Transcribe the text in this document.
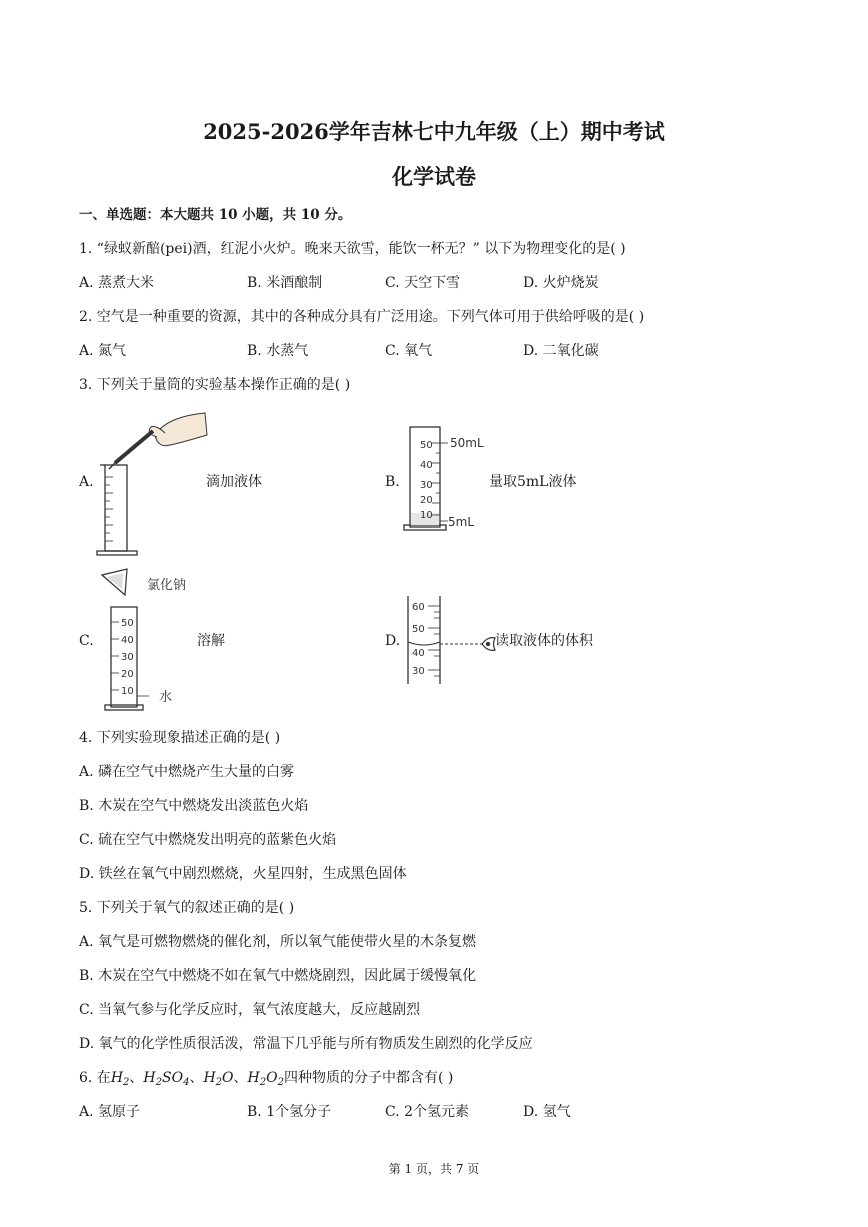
2025-2026学年吉林七中九年级（上）期中考试
化学试卷
一、单选题：本大题共 10 小题，共 10 分。
1. “绿蚁新醅(pei)酒，红泥小火炉。晚来天欲雪，能饮一杯无？” 以下为物理变化的是( )
A. 蒸煮大米	B. 米酒酿制	C. 天空下雪	D. 火炉烧炭
2. 空气是一种重要的资源，其中的各种成分具有广泛用途。下列气体可用于供给呼吸的是( )
A. 氮气	B. 水蒸气	C. 氧气	D. 二氧化碳
3. 下列关于量筒的实验基本操作正确的是( )
A.	滴加液体	B.
50
40
30
20
10
50mL
5mL
量取5mL液体
C.
氯化钠
50
40
30
20
10 水
溶解	D.
60
50
40
30
读取液体的体积
4. 下列实验现象描述正确的是( )
A. 磷在空气中燃烧产生大量的白雾
B. 木炭在空气中燃烧发出淡蓝色火焰
C. 硫在空气中燃烧发出明亮的蓝紫色火焰
D. 铁丝在氧气中剧烈燃烧，火星四射，生成黑色固体
5. 下列关于氧气的叙述正确的是( )
A. 氧气是可燃物燃烧的催化剂，所以氧气能使带火星的木条复燃
B. 木炭在空气中燃烧不如在氧气中燃烧剧烈，因此属于缓慢氧化
C. 当氧气参与化学反应时，氧气浓度越大，反应越剧烈
D. 氧气的化学性质很活泼，常温下几乎能与所有物质发生剧烈的化学反应
6. 在$H_2$、$H_2SO_4$、$H_2O$、$H_2O_2$四种物质的分子中都含有( )
A. 氢原子	B. 1个氢分子	C. 2个氢元素	D. 氢气
第 1 页，共 7 页
